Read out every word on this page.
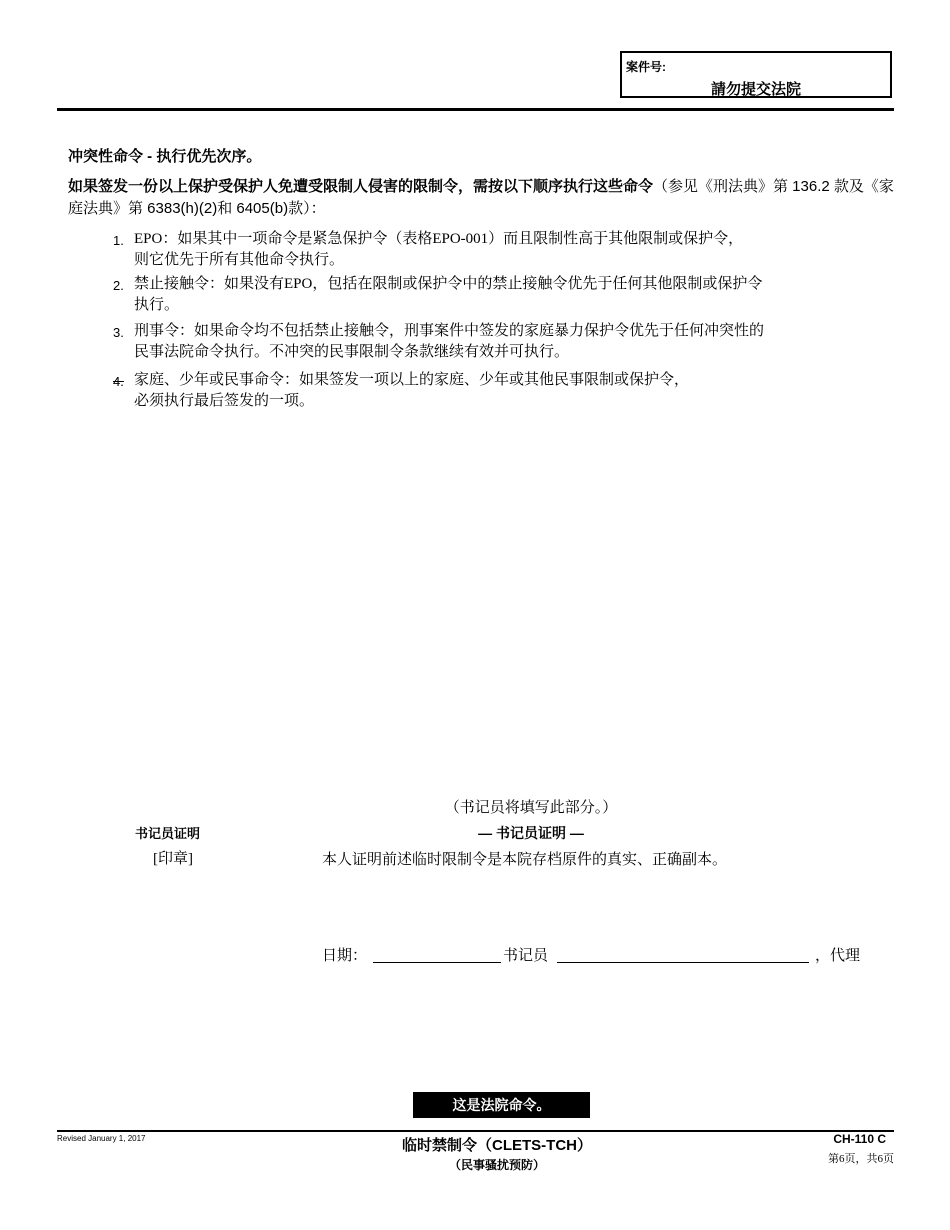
案件号:
請勿提交法院
冲突性命令 - 执行优先次序。
如果签发一份以上保护受保护人免遭受限制人侵害的限制令，需按以下顺序执行这些命令（参见《刑法典》第 136.2 款及《家庭法典》第 6383(h)(2)和 6405(b)款）：
1. EPO：如果其中一项命令是紧急保护令（表格EPO-001）而且限制性高于其他限制或保护令，
则它优先于所有其他命令执行。
2. 禁止接触令：如果没有EPO，包括在限制或保护令中的禁止接触令优先于任何其他限制或保护令
执行。
3. 刑事令：如果命令均不包括禁止接触令，刑事案件中签发的家庭暴力保护令优先于任何冲突性的
民事法院命令执行。不冲突的民事限制令条款继续有效并可执行。
4. 家庭、少年或民事命令：如果签发一项以上的家庭、少年或其他民事限制或保护令，
必须执行最后签发的一项。
（书记员将填写此部分。）
书记员证明
[印章]
— 书记员证明 —
本人证明前述临时限制令是本院存档原件的真实、正确副本。
日期：	书记员	，代理
这是法院命令。
Revised January 1, 2017	临时禁制令（CLETS-TCH）
（民事骚扰预防）
CH-110 C
第6页，共6页
